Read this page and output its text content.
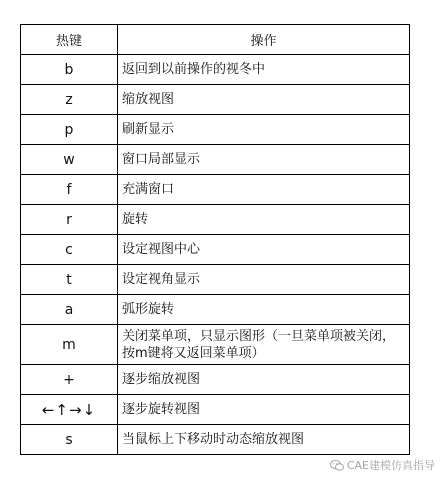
热键	操作
b	返回到以前操作的视冬中
z	缩放视图
p	刷新显示
w	窗口局部显示
f	充满窗口
r	旋转
c	设定视图中心
t	设定视角显示
a	弧形旋转
m	关闭菜单项，只显示图形（一旦菜单项被关闭，按m键将又返回菜单项）
+	逐步缩放视图
←↑→↓	逐步旋转视图
s	当鼠标上下移动时动态缩放视图
CAE建模仿真指导
